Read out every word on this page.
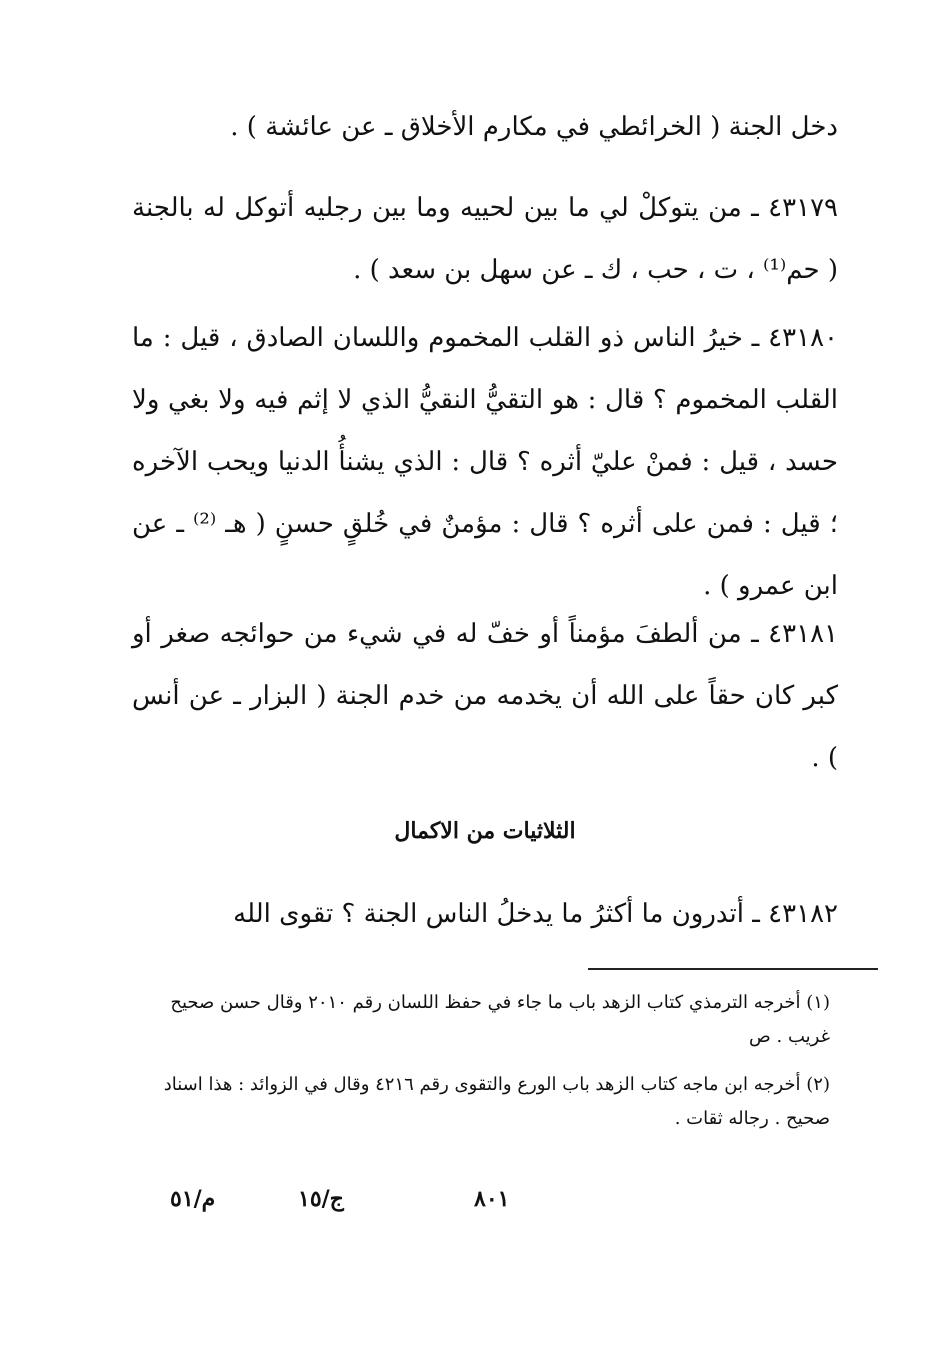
دخل الجنة ( الخرائطي في مكارم الأخلاق ـ عن عائشة ) .

٤٣١٧٩ ـ من يتوكلْ لي ما بين لحييه وما بين رجليه أتوكل له بالجنة ( حم⁽¹⁾ ، ت ، حب ، ك ـ عن سهل بن سعد ) .

٤٣١٨٠ ـ خيرُ الناس ذو القلب المخموم واللسان الصادق ، قيل : ما القلب المخموم ؟ قال : هو التقيُّ النقيُّ الذي لا إثم فيه ولا بغي ولا حسد ، قيل : فمنْ عليّ أثره ؟ قال : الذي يشنأُ الدنيا ويحب الآخره ؛ قيل : فمن على أثره ؟ قال : مؤمنٌ في خُلقٍ حسنٍ ( هـ ⁽²⁾ ـ عن ابن عمرو ) .

٤٣١٨١ ـ من ألطفَ مؤمناً أو خفّ له في شيء من حوائجه صغر أو كبر كان حقاً على الله أن يخدمه من خدم الجنة ( البزار ـ عن أنس ) .

الثلاثيات من الاكمال

٤٣١٨٢ ـ أتدرون ما أكثرُ ما يدخلُ الناس الجنة ؟ تقوى الله

(١) أخرجه الترمذي كتاب الزهد باب ما جاء في حفظ اللسان رقم ٢٠١٠ وقال حسن صحيح غريب . ص

(٢) أخرجه ابن ماجه كتاب الزهد باب الورع والتقوى رقم ٤٢١٦ وقال في الزوائد : هذا اسناد صحيح . رجاله ثقات .

م/٥١	ج/١٥	٨٠١
